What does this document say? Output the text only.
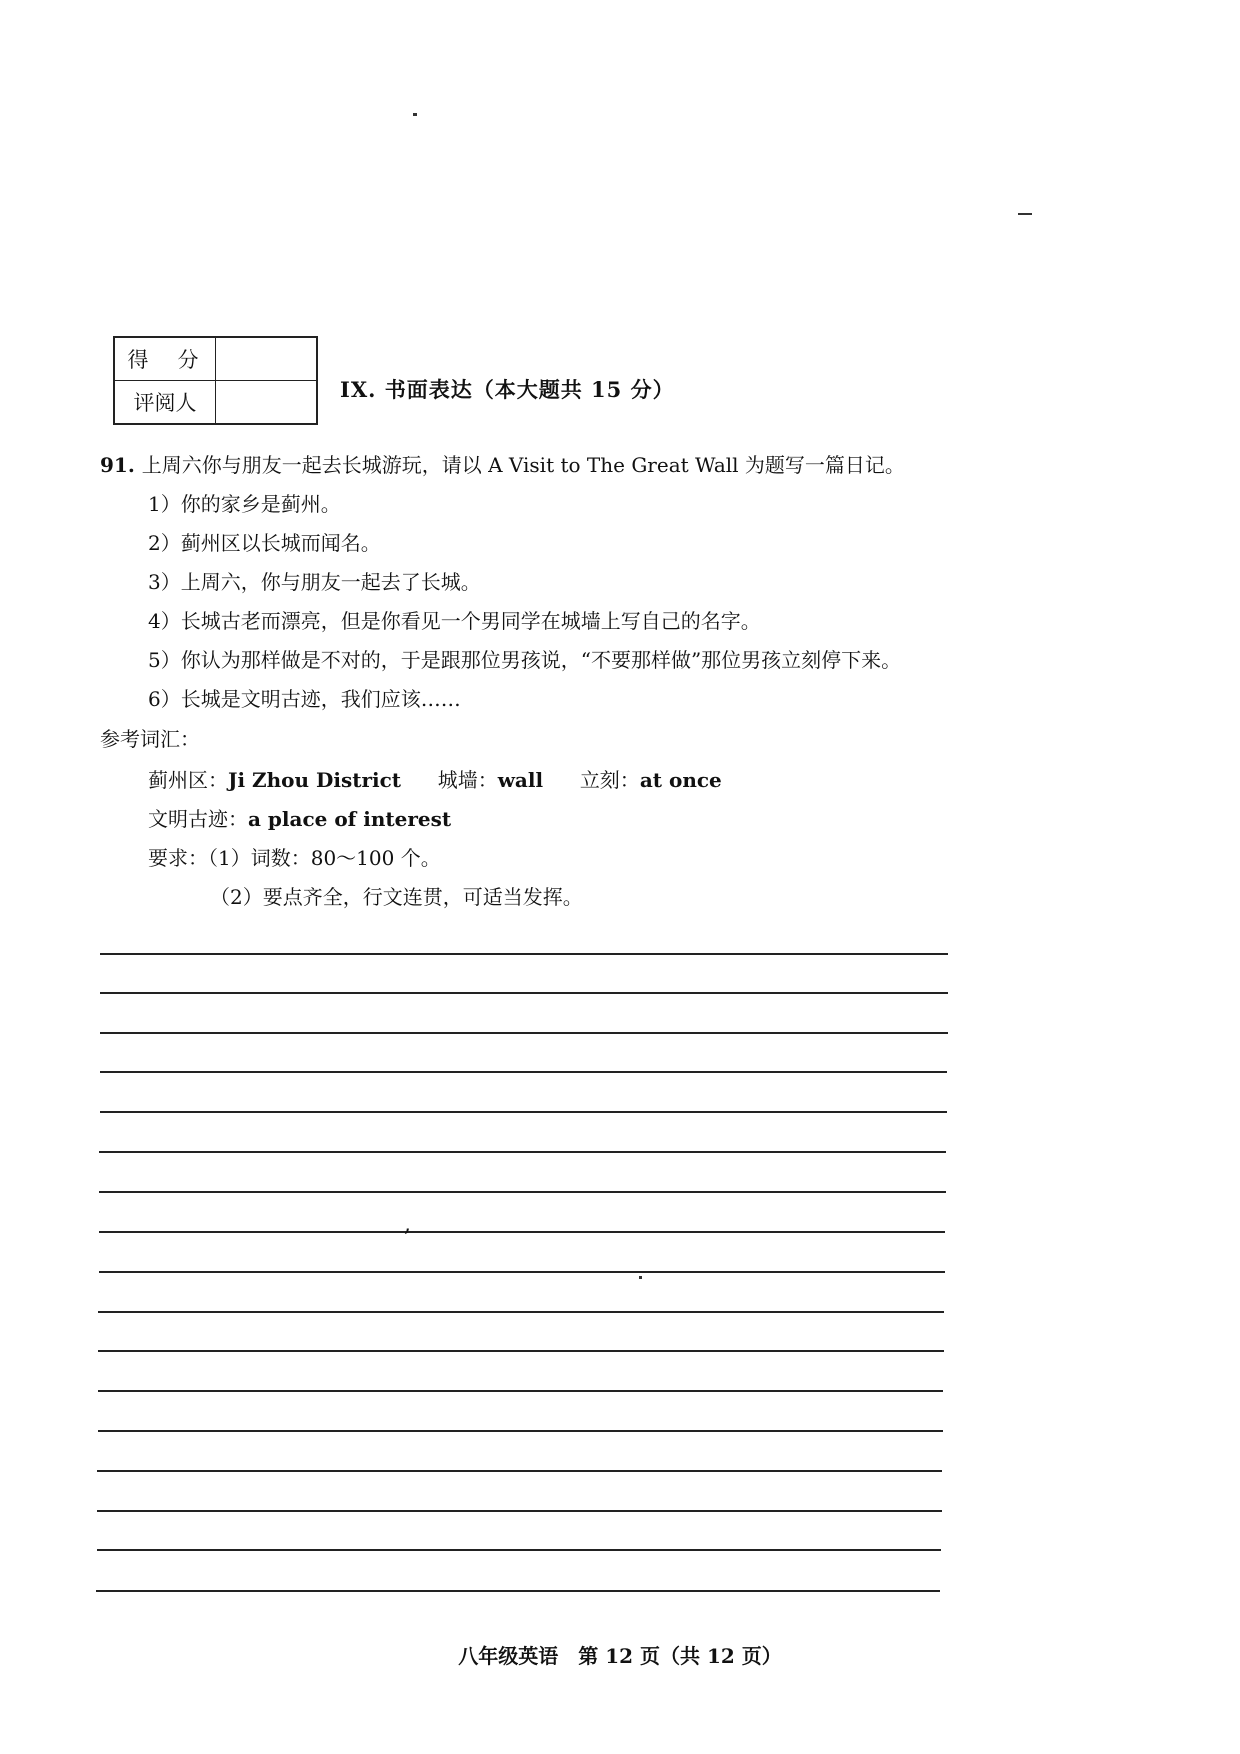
得　分	
评阅人	
IX. 书面表达（本大题共 15 分）
91. 上周六你与朋友一起去长城游玩，请以 A Visit to The Great Wall 为题写一篇日记。
1）你的家乡是蓟州。
2）蓟州区以长城而闻名。
3）上周六，你与朋友一起去了长城。
4）长城古老而漂亮，但是你看见一个男同学在城墙上写自己的名字。
5）你认为那样做是不对的，于是跟那位男孩说，“不要那样做”那位男孩立刻停下来。
6）长城是文明古迹，我们应该……
参考词汇：
蓟州区：Ji Zhou District 城墙：wall 立刻：at once
文明古迹：a place of interest
要求：（1）词数：80～100 个。
（2）要点齐全，行文连贯，可适当发挥。
,
八年级英语　第 12 页（共 12 页）
